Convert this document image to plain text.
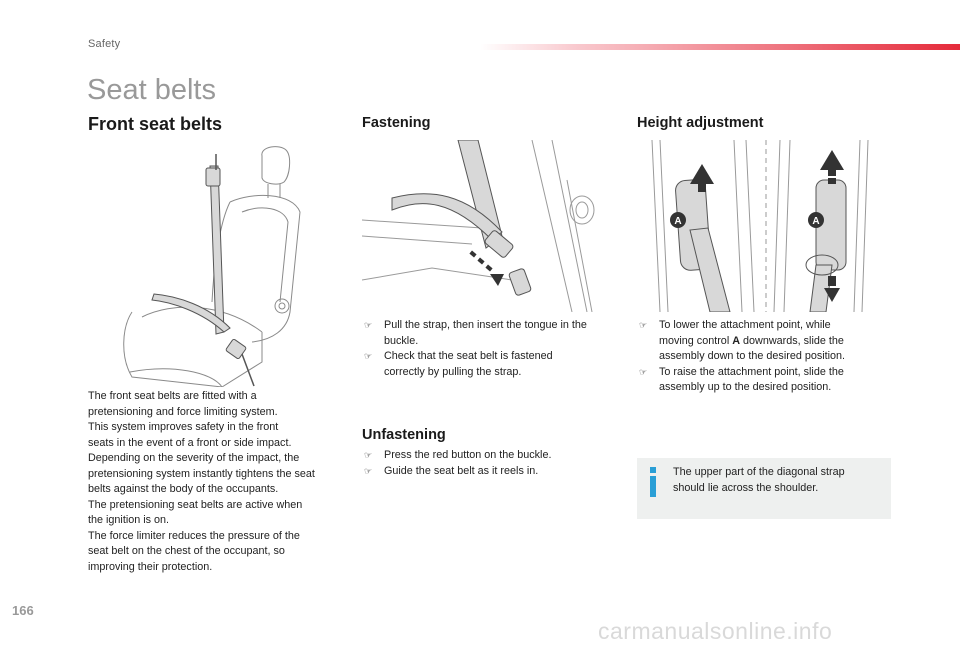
Safety
Seat belts
Front seat belts	Fastening	Height adjustment
A	A
The front seat belts are fitted with a
pretensioning and force limiting system.
This system improves safety in the front
seats in the event of a front or side impact.
Depending on the severity of the impact, the
pretensioning system instantly tightens the seat
belts against the body of the occupants.
The pretensioning seat belts are active when
the ignition is on.
The force limiter reduces the pressure of the
seat belt on the chest of the occupant, so
improving their protection.
☞ Pull the strap, then insert the tongue in the
buckle.
☞ Check that the seat belt is fastened
correctly by pulling the strap.
Unfastening
☞ Press the red button on the buckle.
☞ Guide the seat belt as it reels in.
☞ To lower the attachment point, while
moving control A downwards, slide the
assembly down to the desired position.
☞ To raise the attachment point, slide the
assembly up to the desired position.
The upper part of the diagonal strap
should lie across the shoulder.
166
carmanualsonline.info
